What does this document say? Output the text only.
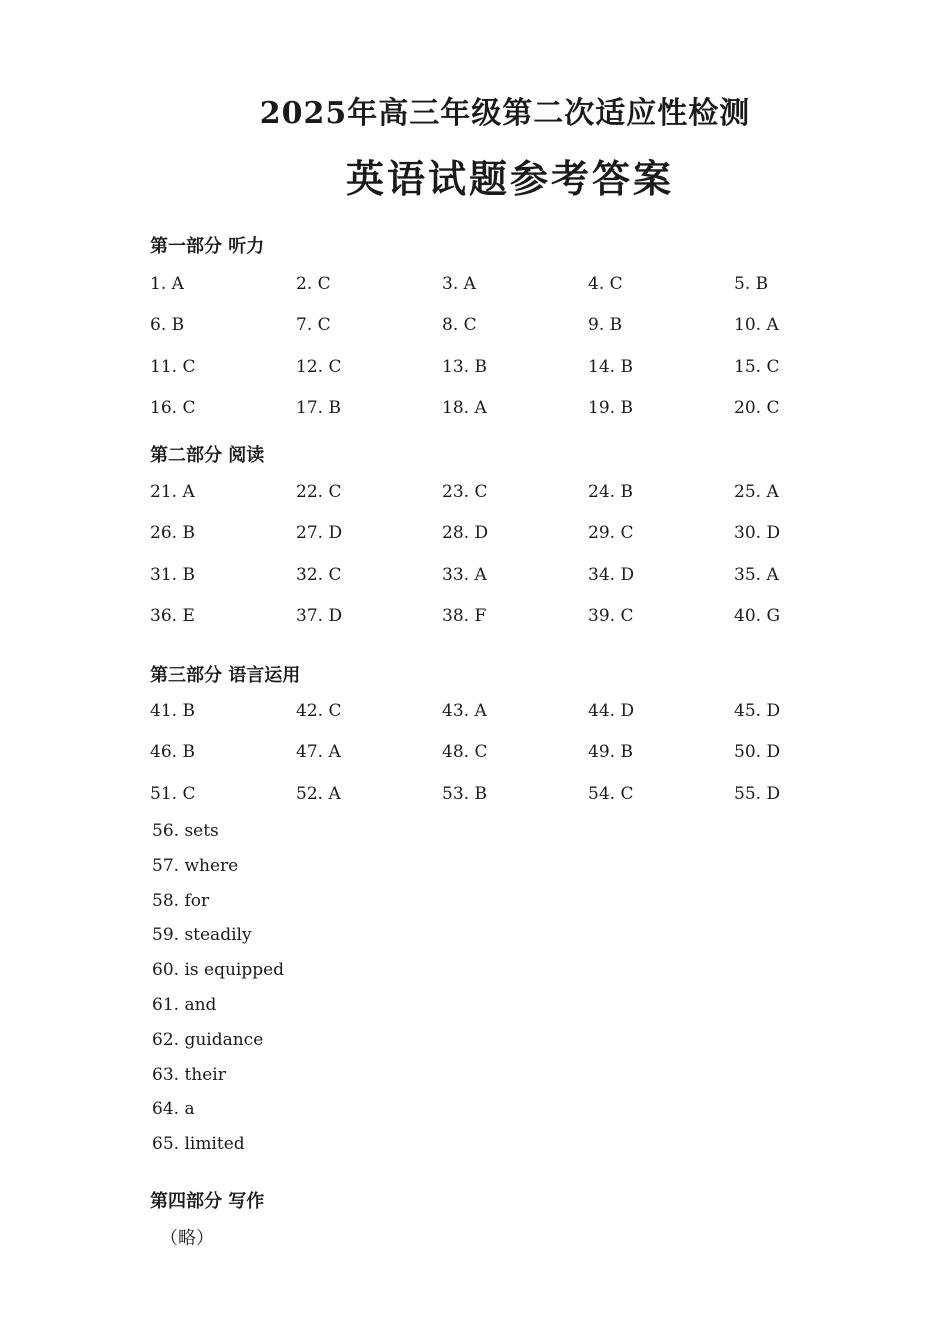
2025年高三年级第二次适应性检测
英语试题参考答案
第一部分 听力
1. A	2. C	3. A	4. C	5. B
6. B	7. C	8. C	9. B	10. A
11. C	12. C	13. B	14. B	15. C
16. C	17. B	18. A	19. B	20. C
第二部分 阅读
21. A	22. C	23. C	24. B	25. A
26. B	27. D	28. D	29. C	30. D
31. B	32. C	33. A	34. D	35. A
36. E	37. D	38. F	39. C	40. G
第三部分 语言运用
41. B	42. C	43. A	44. D	45. D
46. B	47. A	48. C	49. B	50. D
51. C	52. A	53. B	54. C	55. D
56. sets
57. where
58. for
59. steadily
60. is equipped
61. and
62. guidance
63. their
64. a
65. limited
第四部分 写作
（略）
